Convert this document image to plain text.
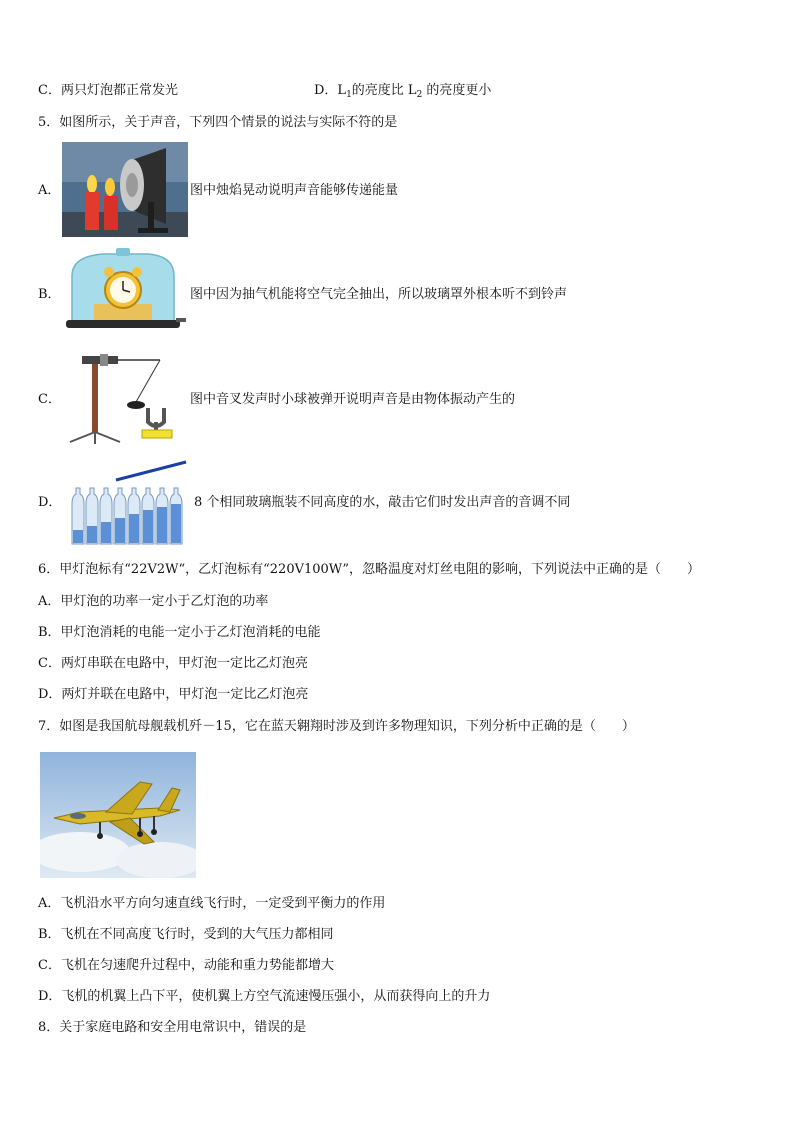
C．两只灯泡都正常发光	D．$L_1$的亮度比 $L_2$ 的亮度更小
5．如图所示，关于声音，下列四个情景的说法与实际不符的是
A．	图中烛焰晃动说明声音能够传递能量
B．	图中因为抽气机能将空气完全抽出，所以玻璃罩外根本听不到铃声
C．	图中音叉发声时小球被弹开说明声音是由物体振动产生的
D．	8 个相同玻璃瓶装不同高度的水，敲击它们时发出声音的音调不同
6．甲灯泡标有“22V2W“，乙灯泡标有“220V100W”，忽略温度对灯丝电阻的影响，下列说法中正确的是（　　）
A．甲灯泡的功率一定小于乙灯泡的功率
B．甲灯泡消耗的电能一定小于乙灯泡消耗的电能
C．两灯串联在电路中，甲灯泡一定比乙灯泡亮
D．两灯并联在电路中，甲灯泡一定比乙灯泡亮
7．如图是我国航母舰载机歼－15，它在蓝天翱翔时涉及到许多物理知识，下列分析中正确的是（　　）
A．飞机沿水平方向匀速直线飞行时，一定受到平衡力的作用
B．飞机在不同高度飞行时，受到的大气压力都相同
C．飞机在匀速爬升过程中，动能和重力势能都增大
D．飞机的机翼上凸下平，使机翼上方空气流速慢压强小，从而获得向上的升力
8．关于家庭电路和安全用电常识中，错误的是
